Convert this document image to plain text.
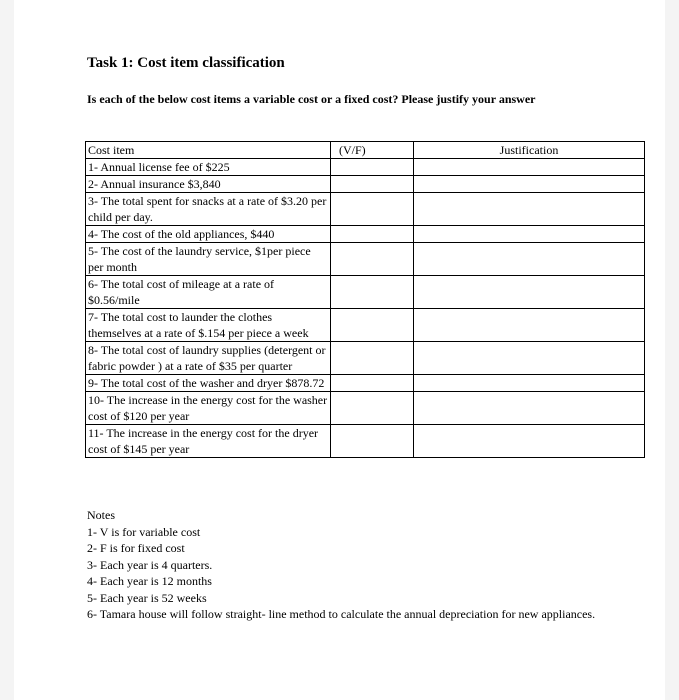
Task 1: Cost item classification

Is each of the below cost items a variable cost or a fixed cost? Please justify your answer

Cost item	(V/F)	Justification
1- Annual license fee of $225		
2- Annual insurance $3,840		
3- The total spent for snacks at a rate of $3.20 per child per day.		
4- The cost of the old appliances, $440		
5- The cost of the laundry service, $1per piece per month		
6- The total cost of mileage at a rate of $0.56/mile		
7- The total cost to launder the clothes themselves at a rate of $.154 per piece a week		
8- The total cost of laundry supplies (detergent or fabric powder ) at a rate of $35 per quarter		
9- The total cost of the washer and dryer $878.72		
10- The increase in the energy cost for the washer cost of $120 per year		
11- The increase in the energy cost for the dryer cost of $145 per year		
Notes
1- V is for variable cost
2- F is for fixed cost
3- Each year is 4 quarters.
4- Each year is 12 months
5- Each year is 52 weeks
6- Tamara house will follow straight- line method to calculate the annual depreciation for new appliances.
